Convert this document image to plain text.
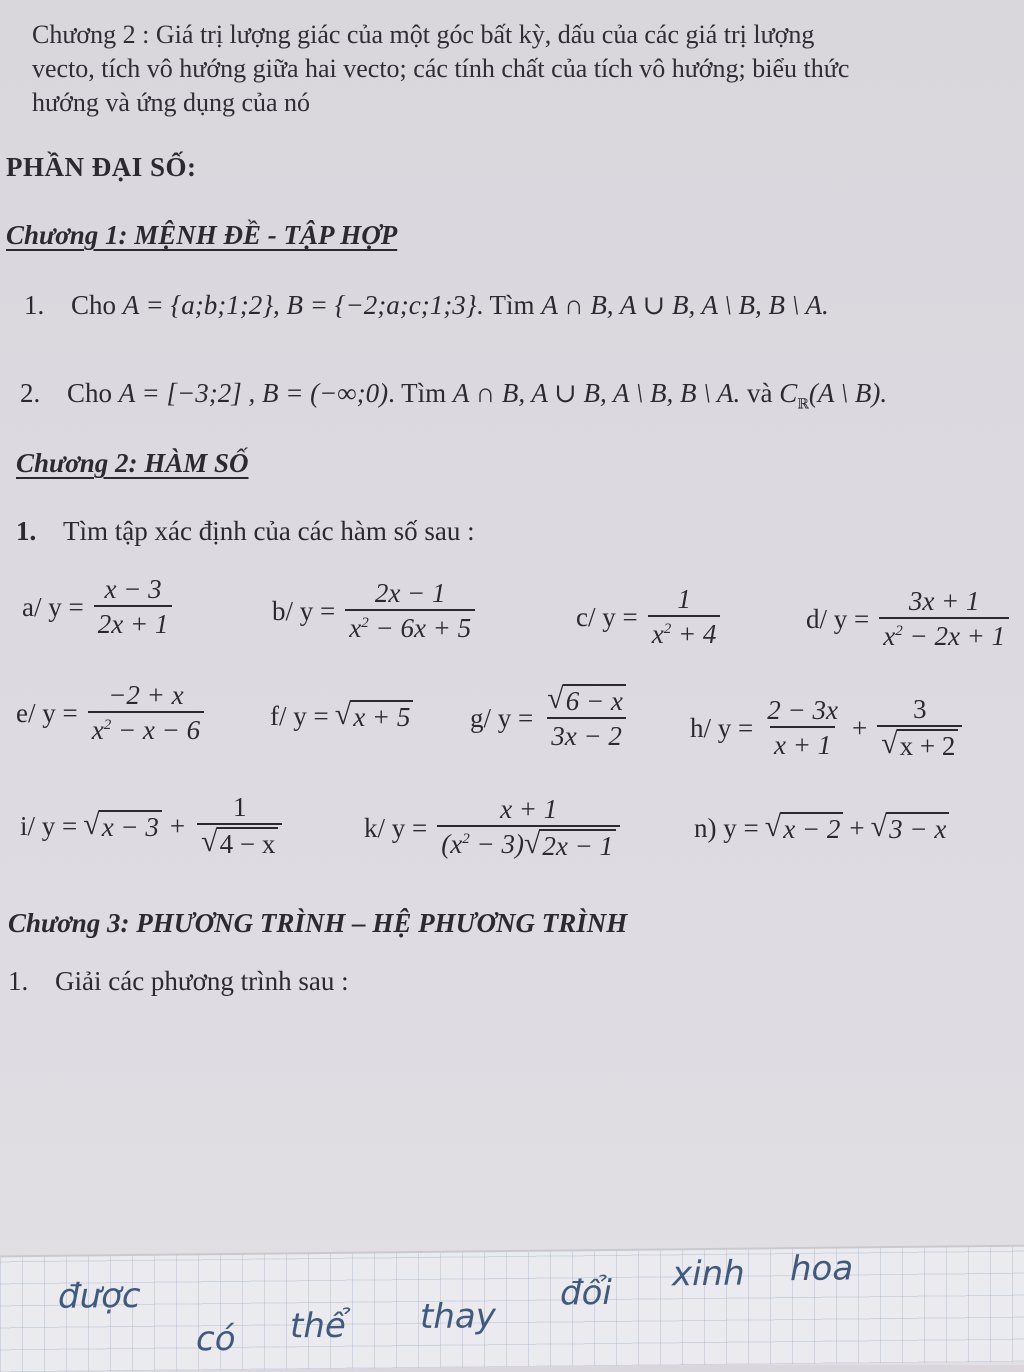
Chương 2 : Giá trị lượng giác của một góc bất kỳ, dấu của các giá trị lượng
vecto, tích vô hướng giữa hai vecto; các tính chất của tích vô hướng; biểu thức
hướng và ứng dụng của nó
PHẦN ĐẠI SỐ:
Chương 1: MỆNH ĐỀ - TẬP HỢP
1. Cho A = {a;b;1;2}, B = {−2;a;c;1;3}. Tìm A ∩ B, A ∪ B, A \ B, B \ A.
2. Cho A = [−3;2] , B = (−∞;0). Tìm A ∩ B, A ∪ B, A \ B, B \ A. và $C_ℝ(A$ \ B).
Chương 2: HÀM SỐ
1. Tìm tập xác định của các hàm số sau :
a/ $y = \frac{x - 3}{2x + 1}$	b/ $y = \frac{2x - 1}{x^2 - 6x + 5}$	c/ $y = \frac{1}{x^2 + 4}$	d/ $y = \frac{3x + 1}{x^2 - 2x + 1}$
e/ $y = \frac{-2 + x}{x^2 - x - 6} f/$ y = √ x + 5 g/ $y = \frac{√ 6 - x}{3x - 2} h/$ $y = \frac{2 - 3x}{x + 1} + \frac{3}{√ x + 2}$
i/ y = √ $x - 3 + \frac{1}{√ 4 - x}$	k/ $y = \frac{x + 1}{(x^2 - 3) √ 2x - 1}$	n) y = √ x − 2 + √ 3 − x
Chương 3: PHƯƠNG TRÌNH – HỆ PHƯƠNG TRÌNH
1. Giải các phương trình sau :
được
có thể thay
đổi xinh hoa
